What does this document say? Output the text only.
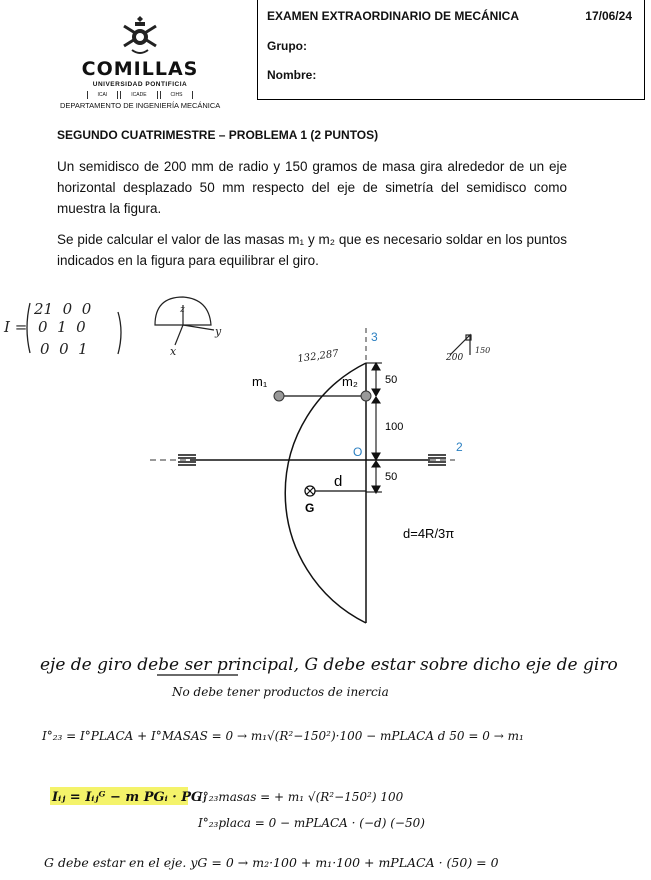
COMILLAS
UNIVERSIDAD PONTIFICIA
ICAI	ICADE	CIHS
DEPARTAMENTO DE INGENIERÍA MECÁNICA
EXAMEN EXTRAORDINARIO DE MECÁNICA	17/06/24
Grupo:
Nombre:
SEGUNDO CUATRIMESTRE – PROBLEMA 1 (2 PUNTOS)
Un semidisco de 200 mm de radio y 150 gramos de masa gira alrededor de un eje horizontal desplazado 50 mm respecto del eje de simetría del semidisco como muestra la figura.
Se pide calcular el valor de las masas m₁ y m₂ que es necesario soldar en los puntos indicados en la figura para equilibrar el giro.
m₁	m₂
3
2
O
G
d
50
100
50
d=4R/3π
I =
21  0  0
0  1  0
0  0  1
z
y
x	132,287	200
150
eje de giro debe ser principal, G debe estar sobre dicho eje de giro
No debe tener productos de inercia
I°₂₃ = I°PLACA + I°MASAS = 0 → m₁√(R²−150²)·100 − mPLACA d 50 = 0 → m₁
Iᵢⱼ = Iᵢⱼᴳ − m PGᵢ · PGⱼ
I°₂₃masas = + m₁ √(R²−150²) 100
I°₂₃placa = 0 − mPLACA · (−d) (−50)
G debe estar en el eje. yG = 0 → m₂·100 + m₁·100 + mPLACA · (50) = 0
